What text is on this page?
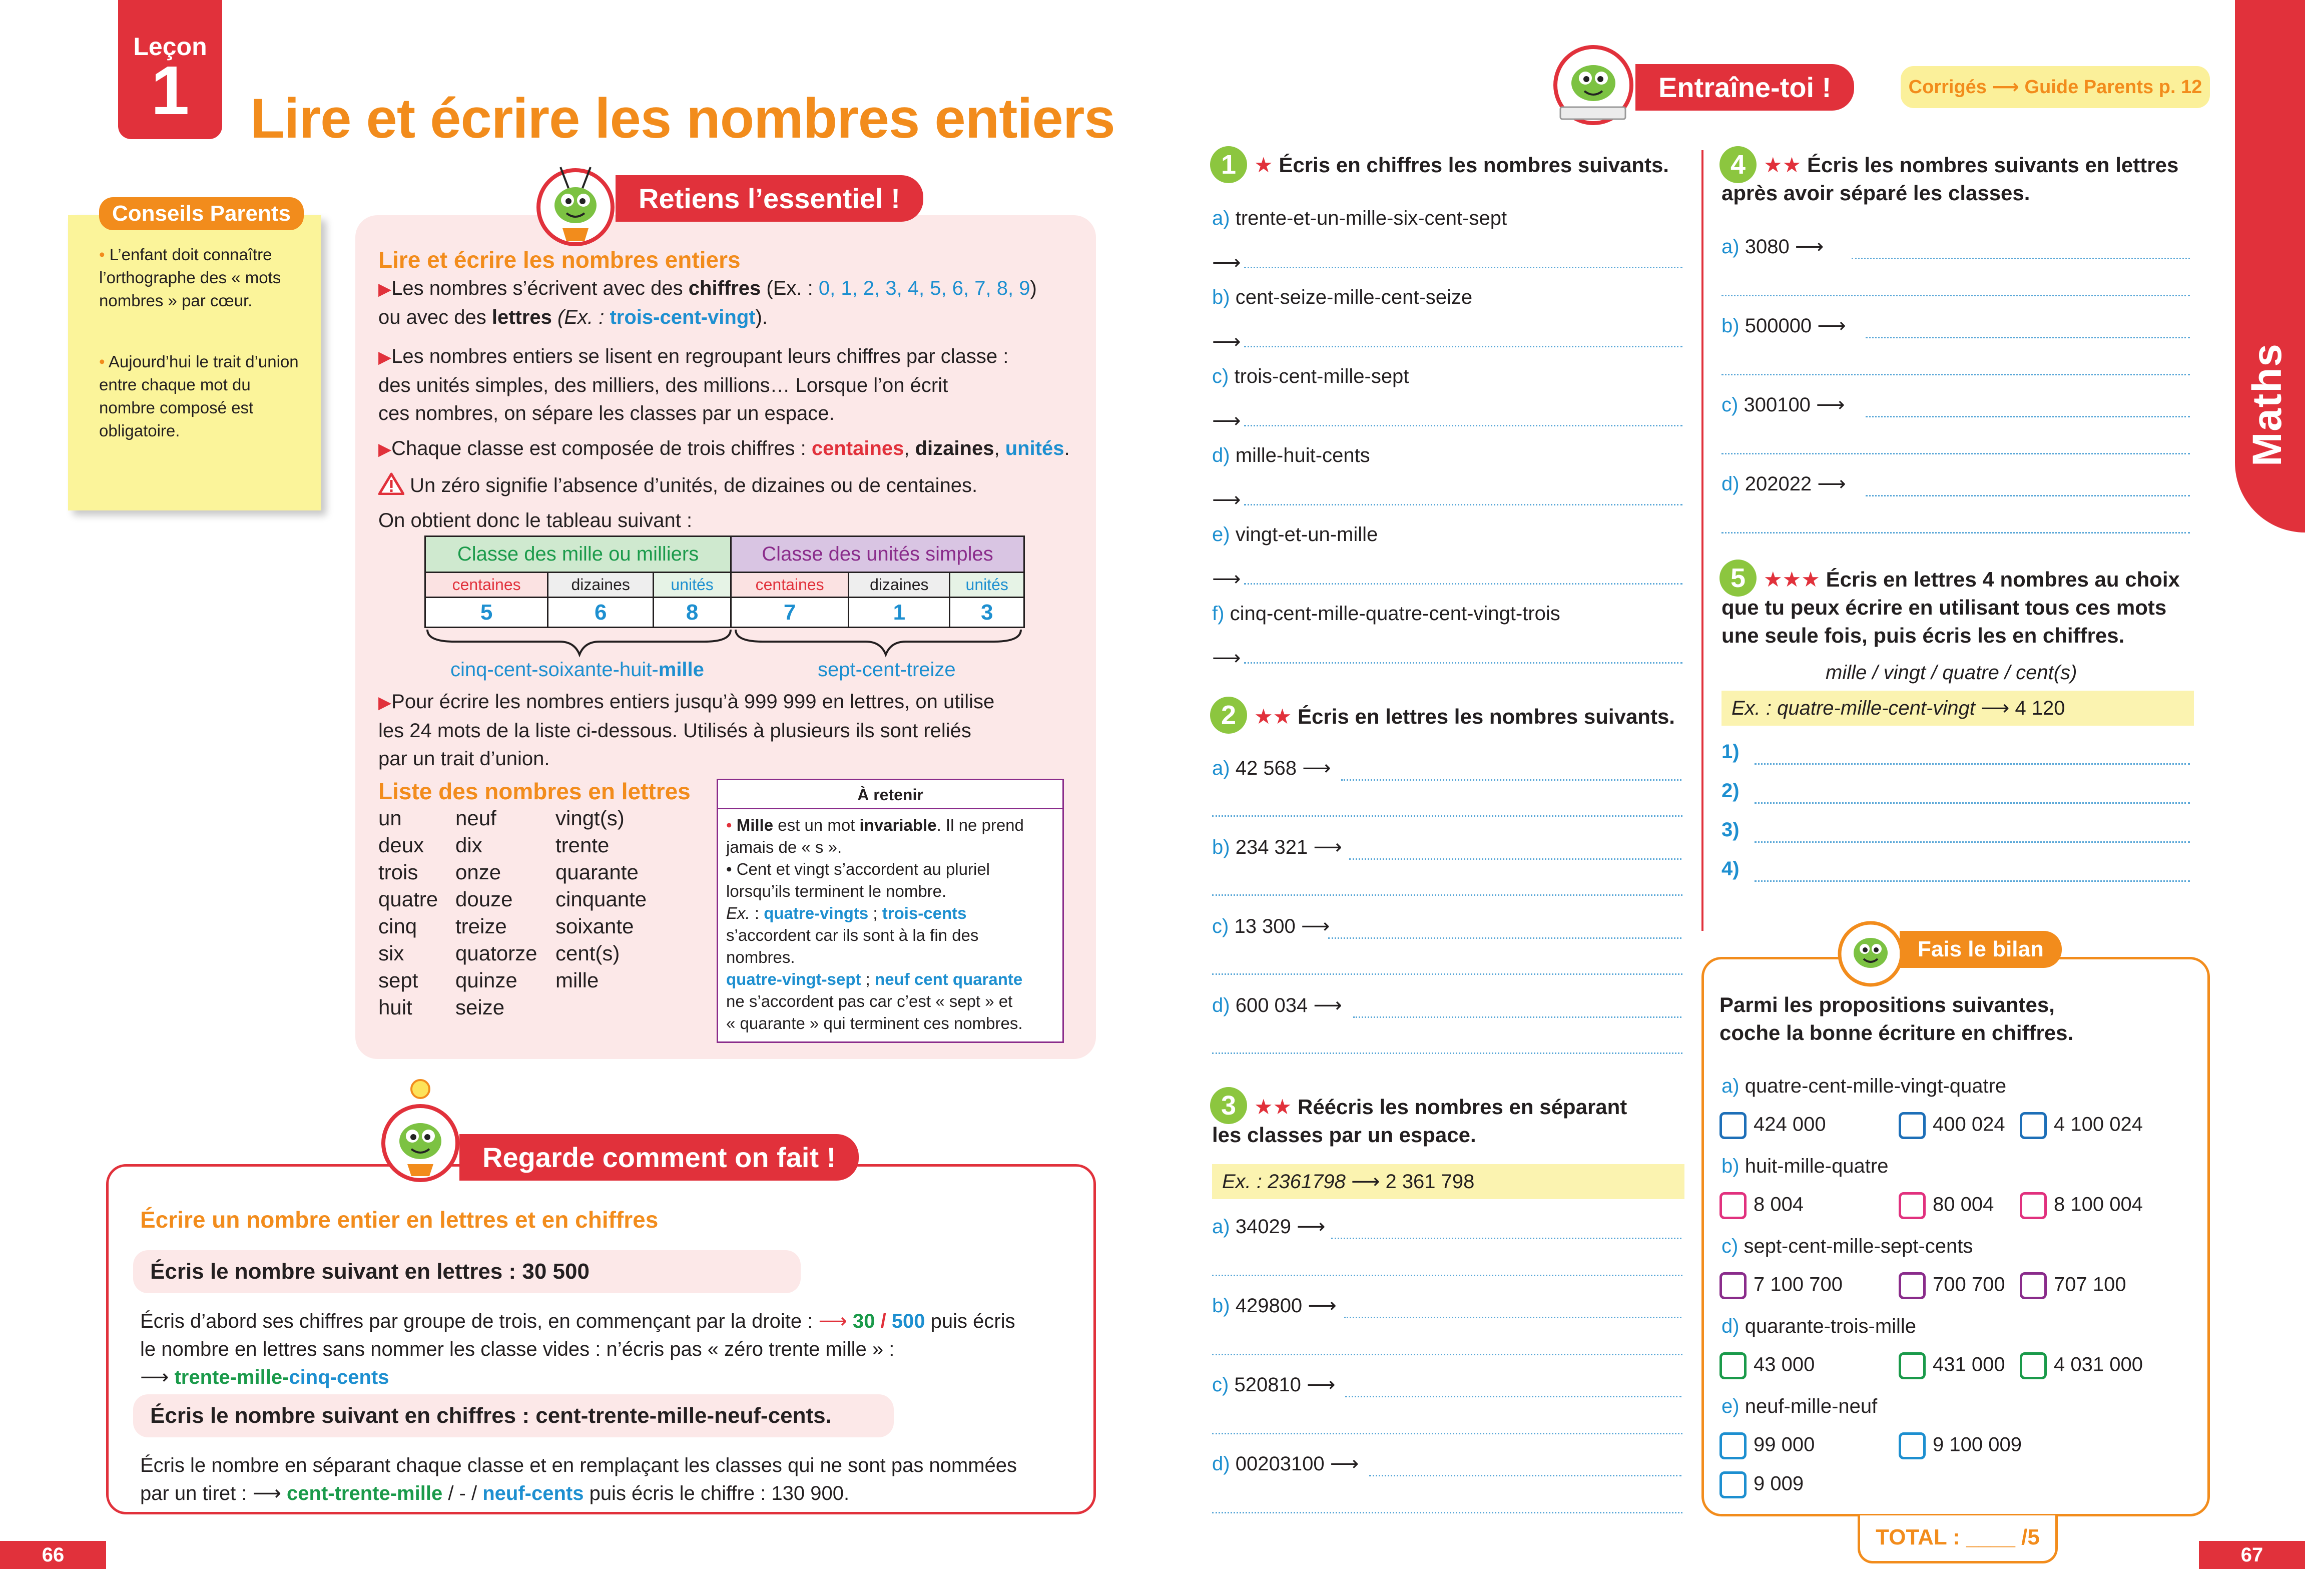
Leçon
1	Lire et écrire les nombres entiers

• L’enfant doit connaître l’orthographe des « mots nombres » par cœur.

• Aujourd’hui le trait d’union entre chaque mot du nombre composé est obligatoire.

Conseils Parents	Retiens l’essentiel !
Lire et écrire les nombres entiers
▶Les nombres s’écrivent avec des chiffres (Ex. : 0, 1, 2, 3, 4, 5, 6, 7, 8, 9)
ou avec des lettres (Ex. : trois-cent-vingt).
▶Les nombres entiers se lisent en regroupant leurs chiffres par classe :
des unités simples, des milliers, des millions… Lorsque l’on écrit
ces nombres, on sépare les classes par un espace.
▶Chaque classe est composée de trois chiffres : centaines, dizaines, unités.
Un zéro signifie l’absence d’unités, de dizaines ou de centaines.
On obtient donc le tableau suivant :
Classe des mille ou milliers			Classe des unités simples		
centaines	dizaines	unités	centaines	dizaines	unités
5	6	8	7	1	3
cinq-cent-soixante-huit-mille	sept-cent-treize
▶Pour écrire les nombres entiers jusqu’à 999 999 en lettres, on utilise
les 24 mots de la liste ci-dessous. Utilisés à plusieurs ils sont reliés
par un trait d’union.
Liste des nombres en lettres
un
deux
trois
quatre
cinq
six
sept
huit
neuf
dix
onze
douze
treize
quatorze
quinze
seize
vingt(s)
trente
quarante
cinquante
soixante
cent(s)
mille
À retenir
• Mille est un mot invariable. Il ne prend
jamais de « s ».
• Cent et vingt s’accordent au pluriel
lorsqu’ils terminent le nombre.
Ex. : quatre-vingts ; trois-cents
s’accordent car ils sont à la fin des
nombres.
quatre-vingt-sept ; neuf cent quarante
ne s’accordent pas car c’est « sept » et
« quarante » qui terminent ces nombres.
Regarde comment on fait !
Écrire un nombre entier en lettres et en chiffres
Écris le nombre suivant en lettres : 30 500
Écris d’abord ses chiffres par groupe de trois, en commençant par la droite : ⟶ 30 / 500 puis écris
le nombre en lettres sans nommer les classe vides : n’écris pas « zéro trente mille » :
⟶ trente-mille-cinq-cents
Écris le nombre suivant en chiffres : cent-trente-mille-neuf-cents.
Écris le nombre en séparant chaque classe et en remplaçant les classes qui ne sont pas nommées
par un tiret : ⟶ cent-trente-mille / - / neuf-cents puis écris le chiffre : 130 900.
66
Entraîne-toi !	Corrigés ⟶ Guide Parents p. 12
Maths
1 ★ Écris en chiffres les nombres suivants.
2 ★★ Écris en lettres les nombres suivants.
3 ★★ Réécris les nombres en séparant
les classes par un espace.
Ex. : 2361798 ⟶ 2 361 798
4 ★★ Écris les nombres suivants en lettres
après avoir séparé les classes.
5 ★★★ Écris en lettres 4 nombres au choix
que tu peux écrire en utilisant tous ces mots
une seule fois, puis écris les en chiffres.
mille / vingt / quatre / cent(s)
Ex. : quatre-mille-cent-vingt ⟶ 4 120
Fais le bilan
Parmi les propositions suivantes,
coche la bonne écriture en chiffres.
TOTAL : ____ /5
67
a) trente-et-un-mille-six-cent-sept
⟶
b) cent-seize-mille-cent-seize
⟶
c) trois-cent-mille-sept
⟶
d) mille-huit-cents
⟶
e) vingt-et-un-mille
⟶
f) cinq-cent-mille-quatre-cent-vingt-trois
⟶
a) 42 568 ⟶
b) 234 321 ⟶
c) 13 300 ⟶
d) 600 034 ⟶
a) 34029 ⟶
b) 429800 ⟶
c) 520810 ⟶
d) 00203100 ⟶
a) 3080 ⟶
b) 500000 ⟶
c) 300100 ⟶
d) 202022 ⟶
1)
2)
3)
4)
a) quatre-cent-mille-vingt-quatre
424 000	400 024	4 100 024
b) huit-mille-quatre
8 004	80 004	8 100 004
c) sept-cent-mille-sept-cents
7 100 700	700 700	707 100
d) quarante-trois-mille
43 000	431 000	4 031 000
e) neuf-mille-neuf
99 000	9 100 009
9 009
